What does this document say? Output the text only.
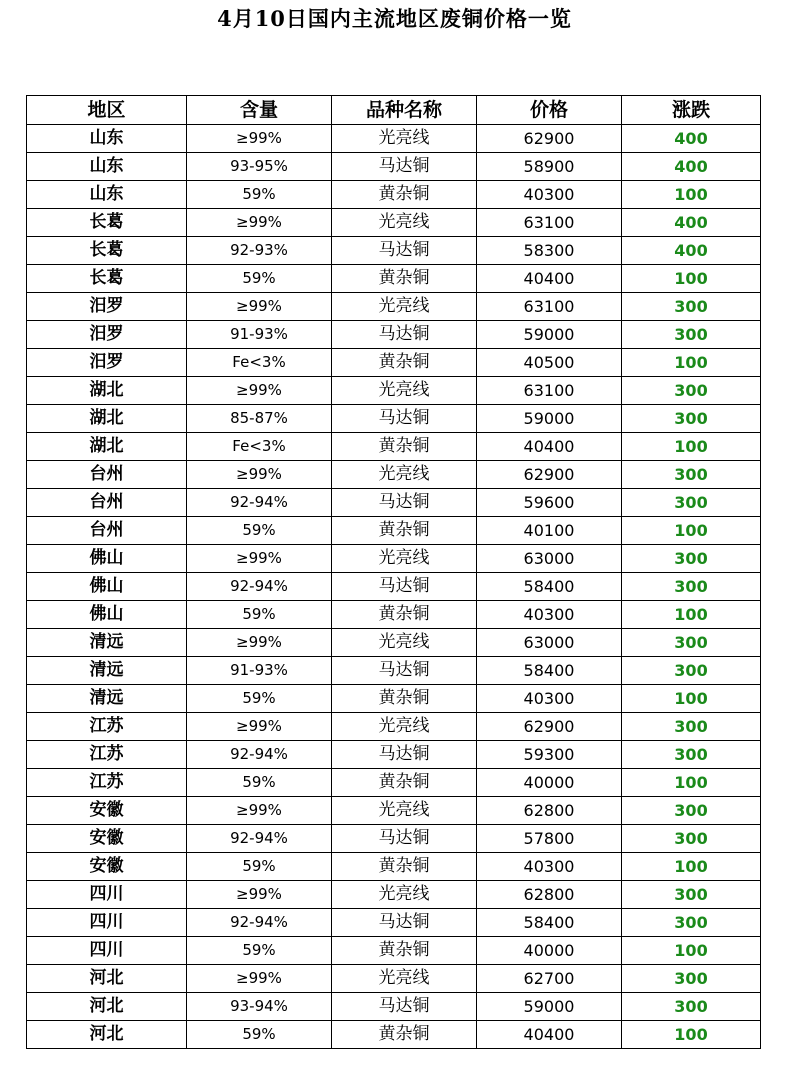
4月10日国内主流地区废铜价格一览
地区	含量	品种名称	价格	涨跌
山东	≥99%	光亮线	62900	400
山东	93-95%	马达铜	58900	400
山东	59%	黄杂铜	40300	100
长葛	≥99%	光亮线	63100	400
长葛	92-93%	马达铜	58300	400
长葛	59%	黄杂铜	40400	100
汨罗	≥99%	光亮线	63100	300
汨罗	91-93%	马达铜	59000	300
汨罗	Fe<3%	黄杂铜	40500	100
湖北	≥99%	光亮线	63100	300
湖北	85-87%	马达铜	59000	300
湖北	Fe<3%	黄杂铜	40400	100
台州	≥99%	光亮线	62900	300
台州	92-94%	马达铜	59600	300
台州	59%	黄杂铜	40100	100
佛山	≥99%	光亮线	63000	300
佛山	92-94%	马达铜	58400	300
佛山	59%	黄杂铜	40300	100
清远	≥99%	光亮线	63000	300
清远	91-93%	马达铜	58400	300
清远	59%	黄杂铜	40300	100
江苏	≥99%	光亮线	62900	300
江苏	92-94%	马达铜	59300	300
江苏	59%	黄杂铜	40000	100
安徽	≥99%	光亮线	62800	300
安徽	92-94%	马达铜	57800	300
安徽	59%	黄杂铜	40300	100
四川	≥99%	光亮线	62800	300
四川	92-94%	马达铜	58400	300
四川	59%	黄杂铜	40000	100
河北	≥99%	光亮线	62700	300
河北	93-94%	马达铜	59000	300
河北	59%	黄杂铜	40400	100
